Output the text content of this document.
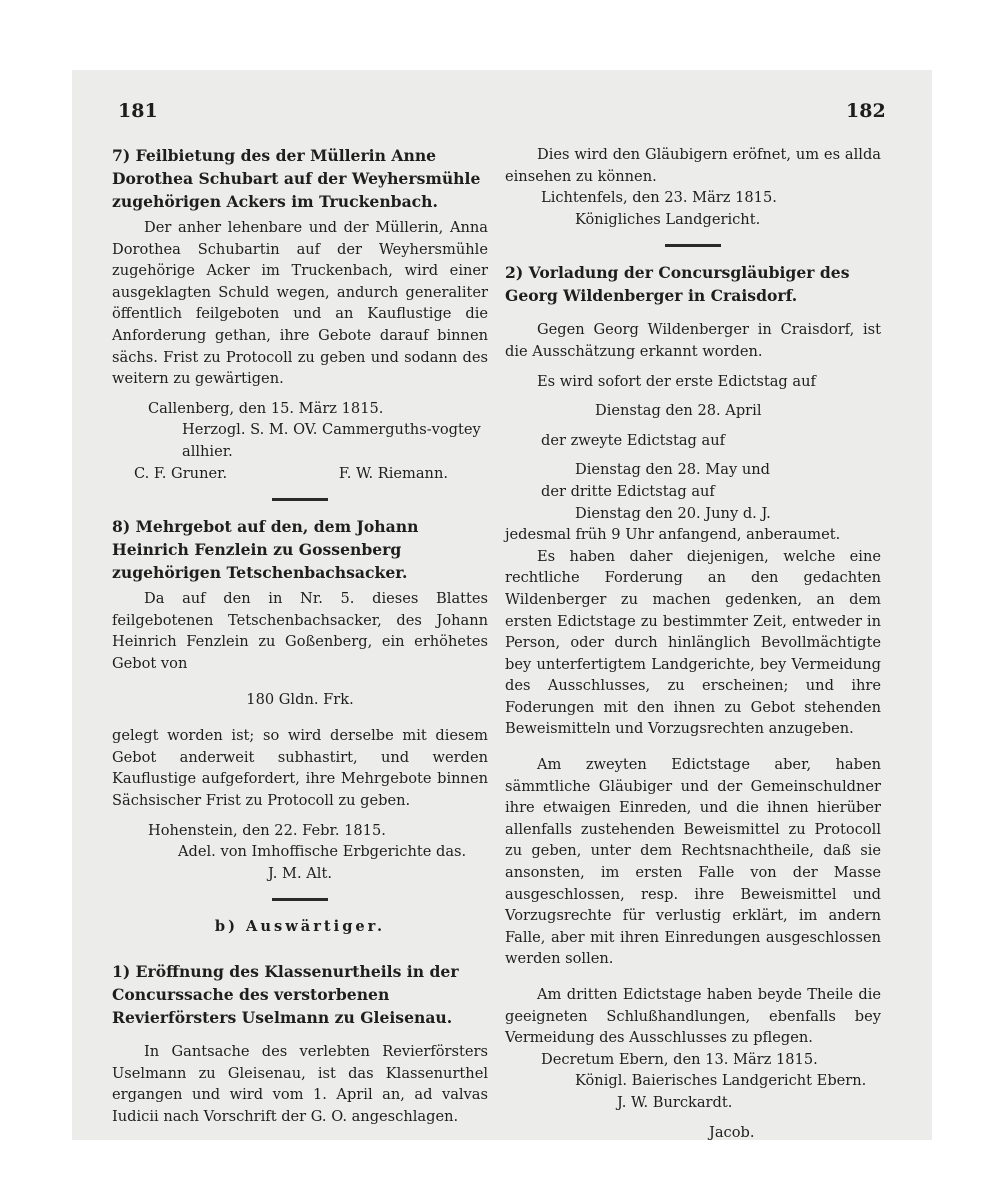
181	182

7) Feilbietung des der Müllerin Anne Dorothea Schubart auf der Weyhersmühle zugehörigen Ackers im Truckenbach.

Der anher lehenbare und der Müllerin, Anna Dorothea Schubartin auf der Weyhersmühle zugehörige Acker im Truckenbach, wird einer ausgeklagten Schuld wegen, andurch generaliter öffentlich feilgeboten und an Kauflustige die Anforderung gethan, ihre Gebote darauf binnen sächs. Frist zu Protocoll zu geben und sodann des weitern zu gewärtigen.

Callenberg, den 15. März 1815.

Herzogl. S. M. OV. Cammerguths-vogtey allhier.

C. F. Gruner.	F. W. Riemann.

8) Mehrgebot auf den, dem Johann Heinrich Fenzlein zu Gossenberg zugehörigen Tetschenbachsacker.

Da auf den in Nr. 5. dieses Blattes feilgebotenen Tetschenbachsacker, des Johann Heinrich Fenzlein zu Goßenberg, ein erhöhetes Gebot von

180 Gldn. Frk.

gelegt worden ist; so wird derselbe mit diesem Gebot anderweit subhastirt, und werden Kauflustige aufgefordert, ihre Mehrgebote binnen Sächsischer Frist zu Protocoll zu geben.

Hohenstein, den 22. Febr. 1815.

Adel. von Imhoffische Erbgerichte das.

J. M. Alt.

b) Auswärtiger.

1) Eröffnung des Klassenurtheils in der Concurssache des verstorbenen Revierförsters Uselmann zu Gleisenau.

In Gantsache des verlebten Revierförsters Uselmann zu Gleisenau, ist das Klassenurthel ergangen und wird vom 1. April an, ad valvas Iudicii nach Vorschrift der G. O. angeschlagen.

Dies wird den Gläubigern eröfnet, um es allda einsehen zu können.

Lichtenfels, den 23. März 1815.

Königliches Landgericht.

2) Vorladung der Concursgläubiger des Georg Wildenberger in Craisdorf.

Gegen Georg Wildenberger in Craisdorf, ist die Ausschätzung erkannt worden.

Es wird sofort der erste Edictstag auf

Dienstag den 28. April

der zweyte Edictstag auf

Dienstag den 28. May und

der dritte Edictstag auf

Dienstag den 20. Juny d. J.

jedesmal früh 9 Uhr anfangend, anberaumet.

Es haben daher diejenigen, welche eine rechtliche Forderung an den gedachten Wildenberger zu machen gedenken, an dem ersten Edictstage zu bestimmter Zeit, entweder in Person, oder durch hinlänglich Bevollmächtigte bey unterfertigtem Landgerichte, bey Vermeidung des Ausschlusses, zu erscheinen; und ihre Foderungen mit den ihnen zu Gebot stehenden Beweismitteln und Vorzugsrechten anzugeben.

Am zweyten Edictstage aber, haben sämmtliche Gläubiger und der Gemeinschuldner ihre etwaigen Einreden, und die ihnen hierüber allenfalls zustehenden Beweismittel zu Protocoll zu geben, unter dem Rechtsnachtheile, daß sie ansonsten, im ersten Falle von der Masse ausgeschlossen, resp. ihre Beweismittel und Vorzugsrechte für verlustig erklärt, im andern Falle, aber mit ihren Einredungen ausgeschlossen werden sollen.

Am dritten Edictstage haben beyde Theile die geeigneten Schlußhandlungen, ebenfalls bey Vermeidung des Ausschlusses zu pflegen.

Decretum Ebern, den 13. März 1815.

Königl. Baierisches Landgericht Ebern.

J. W. Burckardt.

Jacob.
